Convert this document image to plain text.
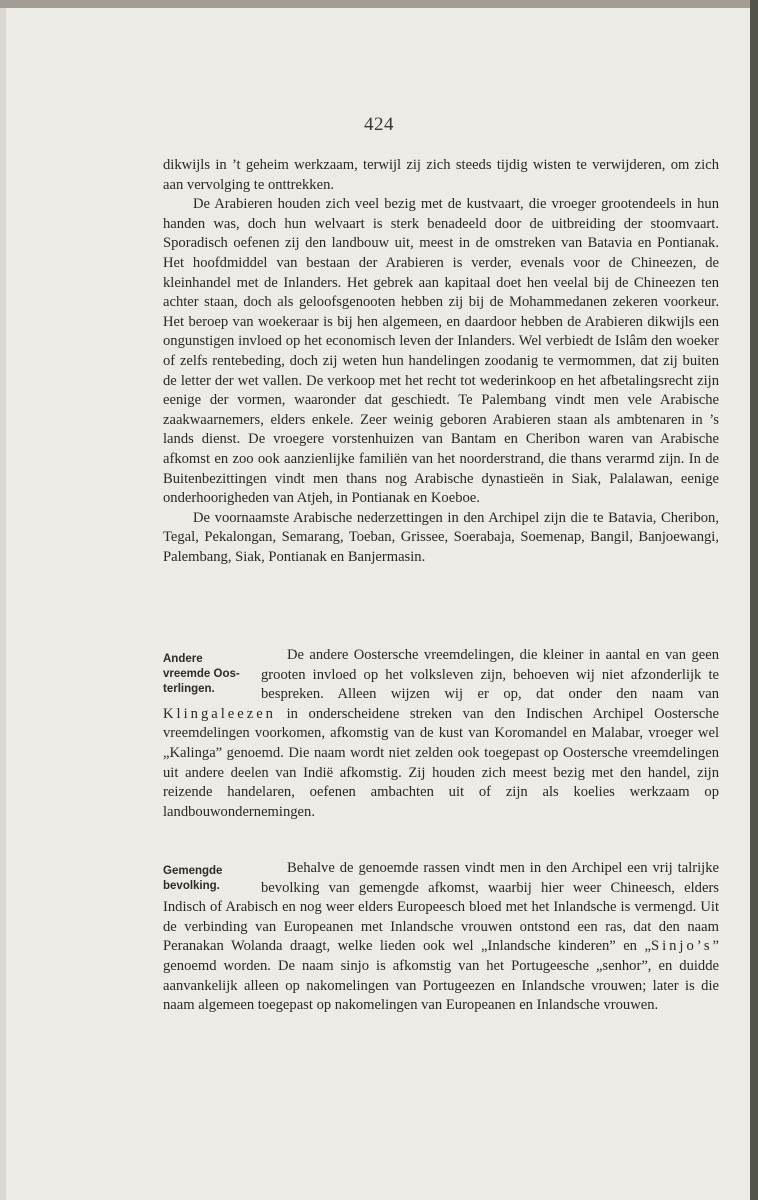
424

dikwijls in ’t geheim werkzaam, terwijl zij zich steeds tijdig wisten te verwijderen, om zich aan vervolging te onttrekken.

De Arabieren houden zich veel bezig met de kustvaart, die vroeger grootendeels in hun handen was, doch hun welvaart is sterk benadeeld door de uitbreiding der stoomvaart. Sporadisch oefenen zij den landbouw uit, meest in de omstreken van Batavia en Pontianak. Het hoofdmiddel van bestaan der Arabieren is verder, evenals voor de Chineezen, de kleinhandel met de Inlanders. Het gebrek aan kapitaal doet hen veelal bij de Chineezen ten achter staan, doch als geloofsgenooten hebben zij bij de Mohammedanen zekeren voorkeur. Het beroep van woekeraar is bij hen algemeen, en daardoor hebben de Arabieren dikwijls een ongunstigen invloed op het economisch leven der Inlanders. Wel verbiedt de Islâm den woeker of zelfs rentebeding, doch zij weten hun handelingen zoodanig te vermommen, dat zij buiten de letter der wet vallen. De verkoop met het recht tot wederinkoop en het afbetalingsrecht zijn eenige der vormen, waaronder dat geschiedt. Te Palembang vindt men vele Arabische zaakwaarnemers, elders enkele. Zeer weinig geboren Arabieren staan als ambtenaren in ’s lands dienst. De vroegere vorstenhuizen van Bantam en Cheribon waren van Arabische afkomst en zoo ook aanzienlijke familiën van het noorderstrand, die thans verarmd zijn. In de Buitenbezittingen vindt men thans nog Arabische dynastieën in Siak, Palalawan, eenige onderhoorigheden van Atjeh, in Pontianak en Koeboe.

De voornaamste Arabische nederzettingen in den Archipel zijn die te Batavia, Cheribon, Tegal, Pekalongan, Semarang, Toeban, Grissee, Soerabaja, Soemenap, Bangil, Banjoewangi, Palembang, Siak, Pontianak en Banjermasin.

Andere
vreemde Oos-
terlingen.

De andere Oostersche vreemdelingen, die kleiner in aantal en van geen grooten invloed op het volksleven zijn, behoeven wij niet afzonderlijk te bespreken. Alleen wijzen wij er op, dat onder den naam van Klingaleezen in onderscheidene streken van den Indischen Archipel Oostersche vreemdelingen voorkomen, afkomstig van de kust van Koromandel en Malabar, vroeger wel „Kalinga” genoemd. Die naam wordt niet zelden ook toegepast op Oostersche vreemdelingen uit andere deelen van Indië afkomstig. Zij houden zich meest bezig met den handel, zijn reizende handelaren, oefenen ambachten uit of zijn als koelies werkzaam op landbouwondernemingen.

Gemengde
bevolking.

Behalve de genoemde rassen vindt men in den Archipel een vrij talrijke bevolking van gemengde afkomst, waarbij hier weer Chineesch, elders Indisch of Arabisch en nog weer elders Europeesch bloed met het Inlandsche is vermengd. Uit de verbinding van Europeanen met Inlandsche vrouwen ontstond een ras, dat den naam Peranakan Wolanda draagt, welke lieden ook wel „Inlandsche kinderen” en „Sinjo’s” genoemd worden. De naam sinjo is afkomstig van het Portugeesche „senhor”, en duidde aanvankelijk alleen op nakomelingen van Portugeezen en Inlandsche vrouwen; later is die naam algemeen toegepast op nakomelingen van Europeanen en Inlandsche vrouwen.
